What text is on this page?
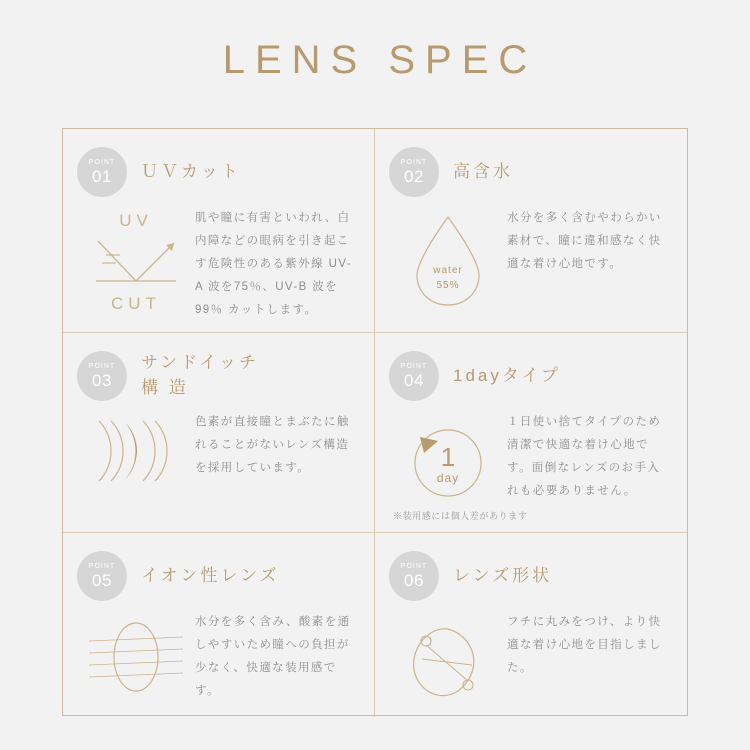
LENS SPEC
POINT
01 ＵＶカット
UV
CUT
肌や瞳に有害といわれ、白内障などの眼病を引き起こす危険性のある紫外線 UV-A 波を75％、UV-B 波を99％ カットします。
POINT
02 高含水
water
55%
水分を多く含むやわらかい素材で、瞳に違和感なく快適な着け心地です。
POINT
03
サンドイッチ
構 造
色素が直接瞳とまぶたに触れることがないレンズ構造を採用しています。
POINT
04 1dayタイプ
1
day
１日使い捨てタイプのため清潔で快適な着け心地です。面倒なレンズのお手入れも必要ありません。
※装用感には個人差があります
POINT
05 イオン性レンズ
水分を多く含み、酸素を通しやすいため瞳への負担が少なく、快適な装用感です。
POINT
06 レンズ形状
フチに丸みをつけ、より快適な着け心地を目指しました。
